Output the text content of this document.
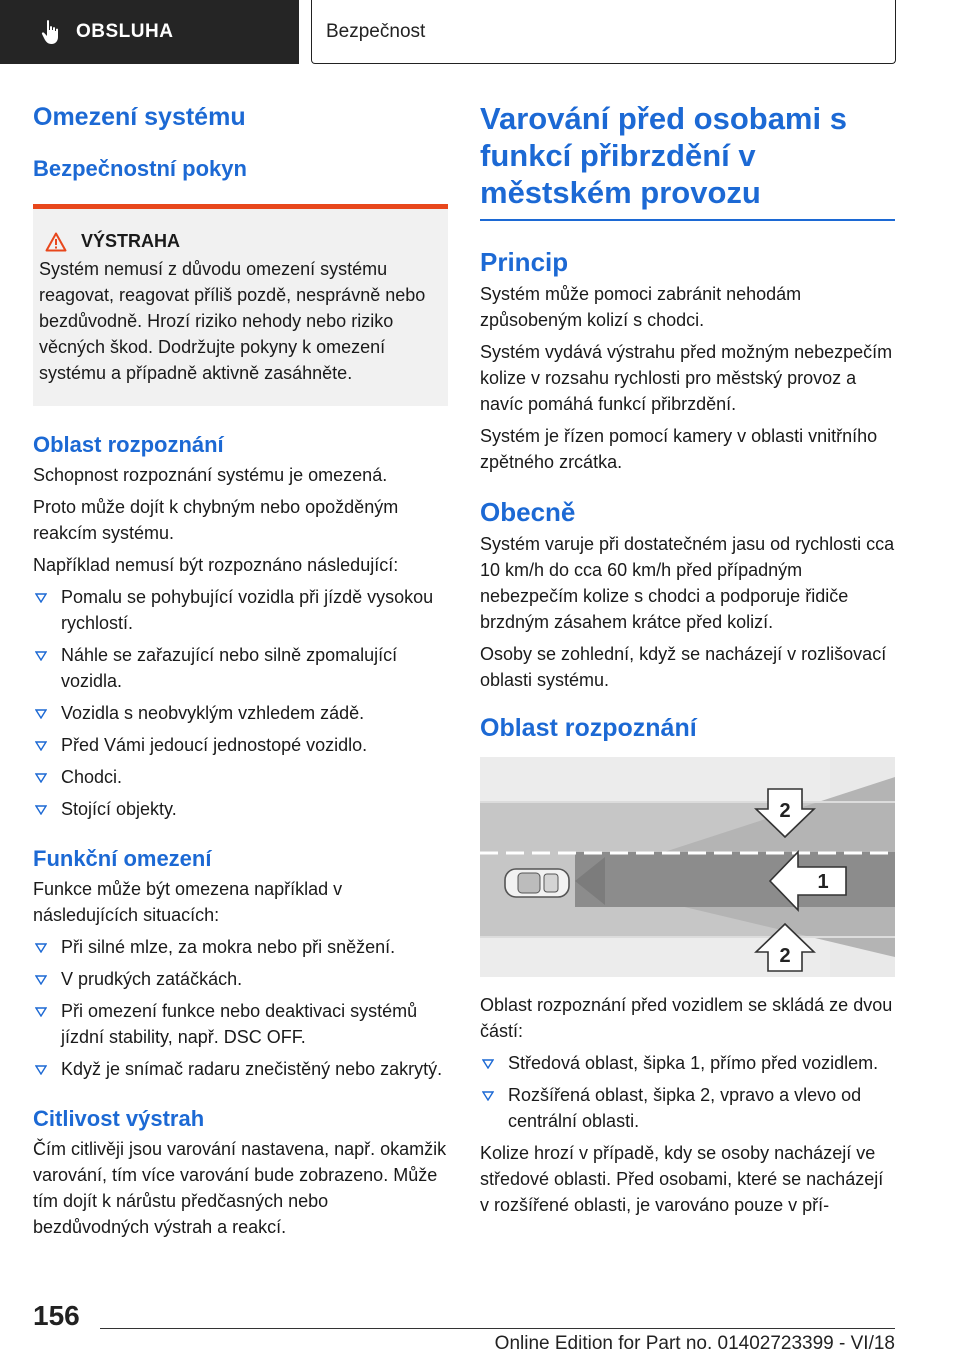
OBSLUHA	Bezpečnost
Omezení systému
Bezpečnostní pokyn
VÝSTRAHA

Systém nemusí z důvodu omezení systému reagovat, reagovat příliš pozdě, nesprávně nebo bezdůvodně. Hrozí riziko nehody nebo riziko věcných škod. Dodržujte pokyny k omezení systému a případně aktivně zasáhněte.

Oblast rozpoznání

Schopnost rozpoznání systému je omezená.

Proto může dojít k chybným nebo opožděným reakcím systému.

Například nemusí být rozpoznáno následující:

Pomalu se pohybující vozidla při jízdě vysokou rychlostí.
Náhle se zařazující nebo silně zpomalující vozidla.
Vozidla s neobvyklým vzhledem zádě.
Před Vámi jedoucí jednostopé vozidlo.
Chodci.
Stojící objekty.
Funkční omezení

Funkce může být omezena například v následujících situacích:

Při silné mlze, za mokra nebo při sněžení.
V prudkých zatáčkách.
Při omezení funkce nebo deaktivaci systémů jízdní stability, např. DSC OFF.
Když je snímač radaru znečistěný nebo zakrytý.
Citlivost výstrah

Čím citlivěji jsou varování nastavena, např. okamžik varování, tím více varování bude zobrazeno. Může tím dojít k nárůstu předčasných nebo bezdůvodných výstrah a reakcí.

Varování před osobami s funkcí přibrzdění v městském provozu
Princip

Systém může pomoci zabránit nehodám způsobeným kolizí s chodci.

Systém vydává výstrahu před možným nebezpečím kolize v rozsahu rychlosti pro městský provoz a navíc pomáhá funkcí přibrzdění.

Systém je řízen pomocí kamery v oblasti vnitřního zpětného zrcátka.

Obecně

Systém varuje při dostatečném jasu od rychlosti cca 10 km/h do cca 60 km/h před případným nebezpečím kolize s chodci a podporuje řidiče brzdným zásahem krátce před kolizí.

Osoby se zohlední, když se nacházejí v rozlišovací oblasti systému.

Oblast rozpoznání
2
1
2

Oblast rozpoznání před vozidlem se skládá ze dvou částí:

Středová oblast, šipka 1, přímo před vozidlem.
Rozšířená oblast, šipka 2, vpravo a vlevo od centrální oblasti.

Kolize hrozí v případě, kdy se osoby nacházejí ve středové oblasti. Před osobami, které se nacházejí v rozšířené oblasti, je varováno pouze v pří-

156
Online Edition for Part no. 01402723399 - VI/18
